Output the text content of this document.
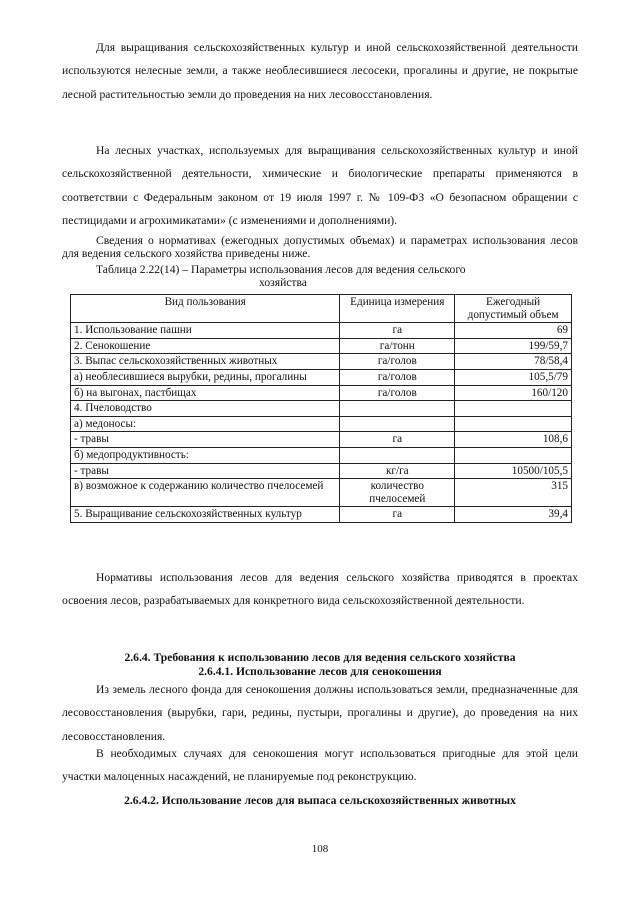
Для выращивания сельскохозяйственных культур и иной сельскохозяйственной деятельности используются нелесные земли, а также необлесившиеся лесосеки, прогалины и другие, не покрытые лесной растительностью земли до проведения на них лесовосстановления.

На лесных участках, используемых для выращивания сельскохозяйственных культур и иной сельскохозяйственной деятельности, химические и биологические препараты применяются в соответствии с Федеральным законом от 19 июля 1997 г. № 109-ФЗ «О безопасном обращении с пестицидами и агрохимикатами» (с изменениями и дополнениями).

Сведения о нормативах (ежегодных допустимых объемах) и параметрах использования лесов для ведения сельского хозяйства приведены ниже.

Таблица 2.22(14) – Параметры использования лесов для ведения сельского
хозяйства

Вид пользования	Единица измерения	Ежегодный допустимый объем
1. Использование пашни	га	69
2. Сенокошение	га/тонн	199/59,7
3. Выпас сельскохозяйственных животных	га/голов	78/58,4
а) необлесившиеся вырубки, редины, прогалины	га/голов	105,5/79
б) на выгонах, пастбищах	га/голов	160/120
4. Пчеловодство		
а) медоносы:		
- травы	га	108,6
б) медопродуктивность:		
- травы	кг/га	10500/105,5
в) возможное к содержанию количество пчелосемей	количество пчелосемей	315
5. Выращивание сельскохозяйственных культур	га	39,4

Нормативы использования лесов для ведения сельского хозяйства приводятся в проектах освоения лесов, разрабатываемых для конкретного вида сельскохозяйственной деятельности.

2.6.4. Требования к использованию лесов для ведения сельского хозяйства

2.6.4.1. Использование лесов для сенокошения

Из земель лесного фонда для сенокошения должны использоваться земли, предназначенные для лесовосстановления (вырубки, гари, редины, пустыри, прогалины и другие), до проведения на них лесовосстановления.

В необходимых случаях для сенокошения могут использоваться пригодные для этой цели участки малоценных насаждений, не планируемые под реконструкцию.

2.6.4.2. Использование лесов для выпаса сельскохозяйственных животных

108
